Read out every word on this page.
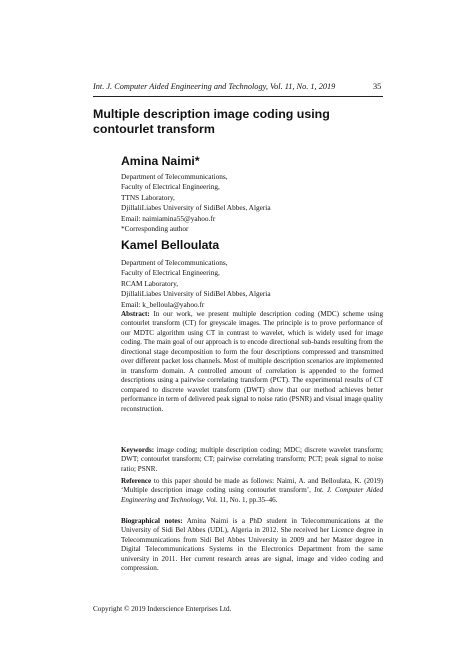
Int. J. Computer Aided Engineering and Technology, Vol. 11, No. 1, 2019	35
Multiple description image coding using contourlet transform
Amina Naimi*
Department of Telecommunications,
Faculty of Electrical Engineering,
TTNS Laboratory,
DjillaliLiabes University of SidiBel Abbes, Algeria
Email: naimiamina55@yahoo.fr
*Corresponding author
Kamel Belloulata
Department of Telecommunications,
Faculty of Electrical Engineering,
RCAM Laboratory,
DjillaliLiabes University of SidiBel Abbes, Algeria
Email: k_belloula@yahoo.fr

Abstract: In our work, we present multiple description coding (MDC) scheme using contourlet transform (CT) for greyscale images. The principle is to prove performance of our MDTC algorithm using CT in contrast to wavelet, which is widely used for image coding. The main goal of our approach is to encode directional sub-bands resulting from the directional stage decomposition to form the four descriptions compressed and transmitted over different packet loss channels. Most of multiple description scenarios are implemented in transform domain. A controlled amount of correlation is appended to the formed descriptions using a pairwise correlating transform (PCT). The experimental results of CT compared to discrete wavelet transform (DWT) show that our method achieves better performance in term of delivered peak signal to noise ratio (PSNR) and visual image quality reconstruction.

Keywords: image coding; multiple description coding; MDC; discrete wavelet transform; DWT; contourlet transform; CT; pairwise correlating transform; PCT; peak signal to noise ratio; PSNR.

Reference to this paper should be made as follows: Naimi, A. and Belloulata, K. (2019) ‘Multiple description image coding using contourlet transform’, Int. J. Computer Aided Engineering and Technology, Vol. 11, No. 1, pp.35–46.

Biographical notes: Amina Naimi is a PhD student in Telecommunications at the University of Sidi Bel Abbes (UDL), Algeria in 2012. She received her Licence degree in Telecommunications from Sidi Bel Abbes University in 2009 and her Master degree in Digital Telecommunications Systems in the Electronics Department from the same university in 2011. Her current research areas are signal, image and video coding and compression.

Copyright © 2019 Inderscience Enterprises Ltd.
